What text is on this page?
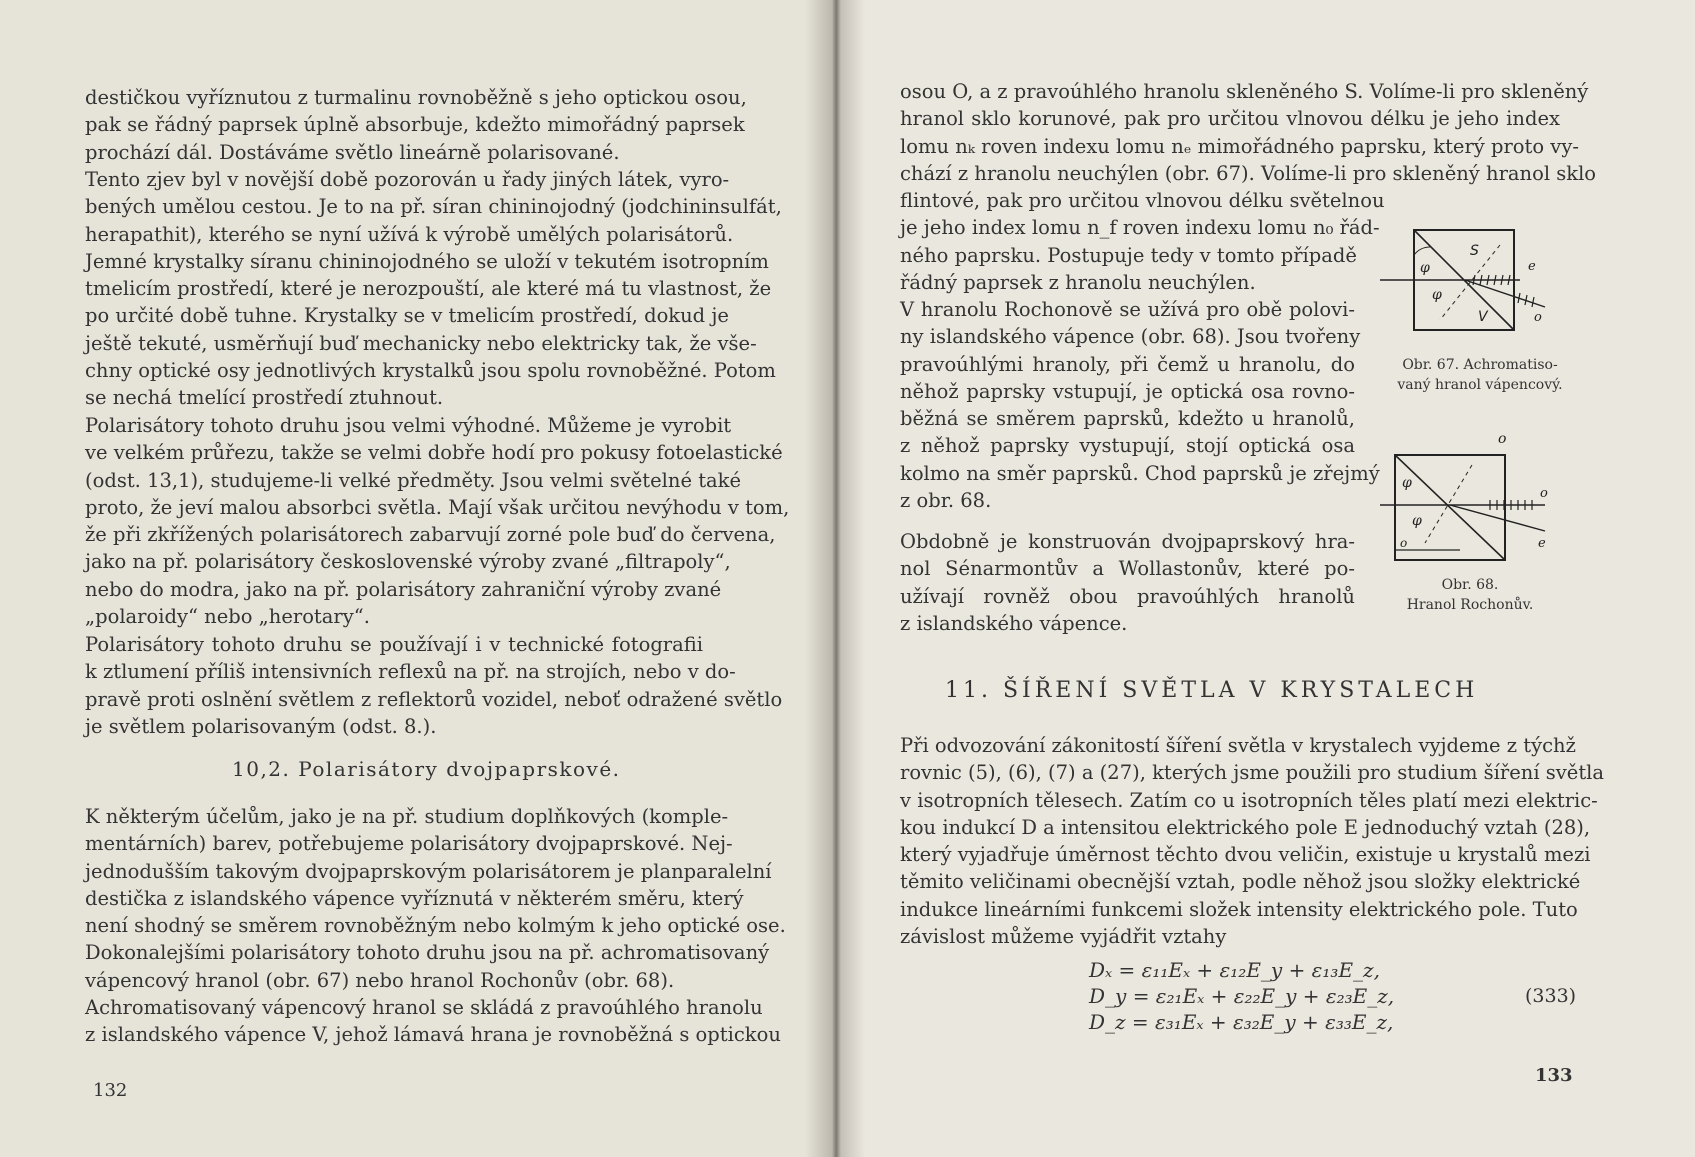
destičkou vyříznutou z turmalinu rovnoběžně s jeho optickou osou,
pak se řádný paprsek úplně absorbuje, kdežto mimořádný paprsek
prochází dál. Dostáváme světlo lineárně polarisované.
Tento zjev byl v novější době pozorován u řady jiných látek, vyro-
bených umělou cestou. Je to na př. síran chininojodný (jodchininsulfát,
herapathit), kterého se nyní užívá k výrobě umělých polarisátorů.
Jemné krystalky síranu chininojodného se uloží v tekutém isotropním
tmelicím prostředí, které je nerozpouští, ale které má tu vlastnost, že
po určité době tuhne. Krystalky se v tmelicím prostředí, dokud je
ještě tekuté, usměrňují buď mechanicky nebo elektricky tak, že vše-
chny optické osy jednotlivých krystalků jsou spolu rovnoběžné. Potom
se nechá tmelící prostředí ztuhnout.
Polarisátory tohoto druhu jsou velmi výhodné. Můžeme je vyrobit
ve velkém průřezu, takže se velmi dobře hodí pro pokusy fotoelastické
(odst. 13,1), studujeme-li velké předměty. Jsou velmi světelné také
proto, že jeví malou absorbci světla. Mají však určitou nevýhodu v tom,
že při zkřížených polarisátorech zabarvují zorné pole buď do červena,
jako na př. polarisátory československé výroby zvané „filtrapoly“,
nebo do modra, jako na př. polarisátory zahraniční výroby zvané
„polaroidy“ nebo „herotary“.
Polarisátory tohoto druhu se používají i v technické fotografii
k ztlumení příliš intensivních reflexů na př. na strojích, nebo v do-
pravě proti oslnění světlem z reflektorů vozidel, neboť odražené světlo
je světlem polarisovaným (odst. 8.).
10,2. Polarisátory dvojpaprskové.
K některým účelům, jako je na př. studium doplňkových (komple-
mentárních) barev, potřebujeme polarisátory dvojpaprskové. Nej-
jednodušším takovým dvojpaprskovým polarisátorem je planparalelní
destička z islandského vápence vyříznutá v některém směru, který
není shodný se směrem rovnoběžným nebo kolmým k jeho optické ose.
Dokonalejšími polarisátory tohoto druhu jsou na př. achromatisovaný
vápencový hranol (obr. 67) nebo hranol Rochonův (obr. 68).
Achromatisovaný vápencový hranol se skládá z pravoúhlého hranolu
z islandského vápence V, jehož lámavá hrana je rovnoběžná s optickou
132
osou O, a z pravoúhlého hranolu skleněného S. Volíme-li pro skleněný
hranol sklo korunové, pak pro určitou vlnovou délku je jeho index
lomu nₖ roven indexu lomu nₑ mimořádného paprsku, který proto vy-
chází z hranolu neuchýlen (obr. 67). Volíme-li pro skleněný hranol sklo
flintové, pak pro určitou vlnovou délku světelnou
je jeho index lomu n_f roven indexu lomu n₀ řád-
ného paprsku. Postupuje tedy v tomto případě
řádný paprsek z hranolu neuchýlen.
V hranolu Rochonově se užívá pro obě polovi-
ny islandského vápence (obr. 68). Jsou tvořeny
pravoúhlými hranoly, při čemž u hranolu, do
něhož paprsky vstupují, je optická osa rovno-
běžná se směrem paprsků, kdežto u hranolů,
z něhož paprsky vystupují, stojí optická osa
kolmo na směr paprsků. Chod paprsků je zřejmý
z obr. 68.
Obdobně je konstruován dvojpaprskový hra-
nol Sénarmontův a Wollastonův, které po-
užívají rovněž obou pravoúhlých hranolů
z islandského vápence.
S
φ
φ
V
e
o
Obr. 67. Achromatiso-
vaný hranol vápencový.
o
φ
φ
o
e
o
Obr. 68.
Hranol Rochonův.
11. ŠÍŘENÍ SVĚTLA V KRYSTALECH
Při odvozování zákonitostí šíření světla v krystalech vyjdeme z týchž
rovnic (5), (6), (7) a (27), kterých jsme použili pro studium šíření světla
v isotropních tělesech. Zatím co u isotropních těles platí mezi elektric-
kou indukcí D a intensitou elektrického pole E jednoduchý vztah (28),
který vyjadřuje úměrnost těchto dvou veličin, existuje u krystalů mezi
těmito veličinami obecnější vztah, podle něhož jsou složky elektrické
indukce lineárními funkcemi složek intensity elektrického pole. Tuto
závislost můžeme vyjádřit vztahy
Dₓ = ε₁₁Eₓ + ε₁₂E_y + ε₁₃E_z,
D_y = ε₂₁Eₓ + ε₂₂E_y + ε₂₃E_z,
D_z = ε₃₁Eₓ + ε₃₂E_y + ε₃₃E_z,
(333)
133
